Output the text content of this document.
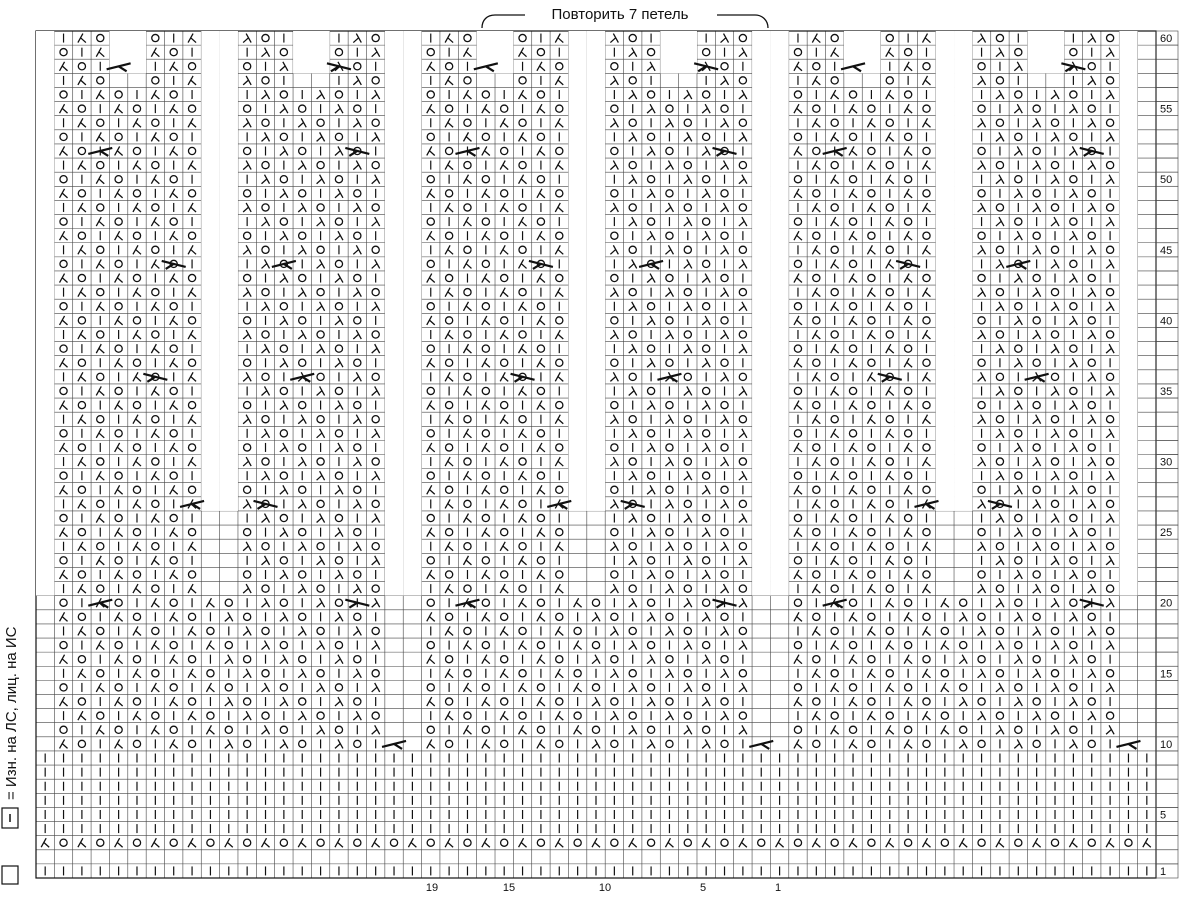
Повторить 7 петель
= Изн. на ЛС, лиц. на ИС
60
55
50
45
40
35
30
25
20
15
10
5
1
19	15	10	5	1
